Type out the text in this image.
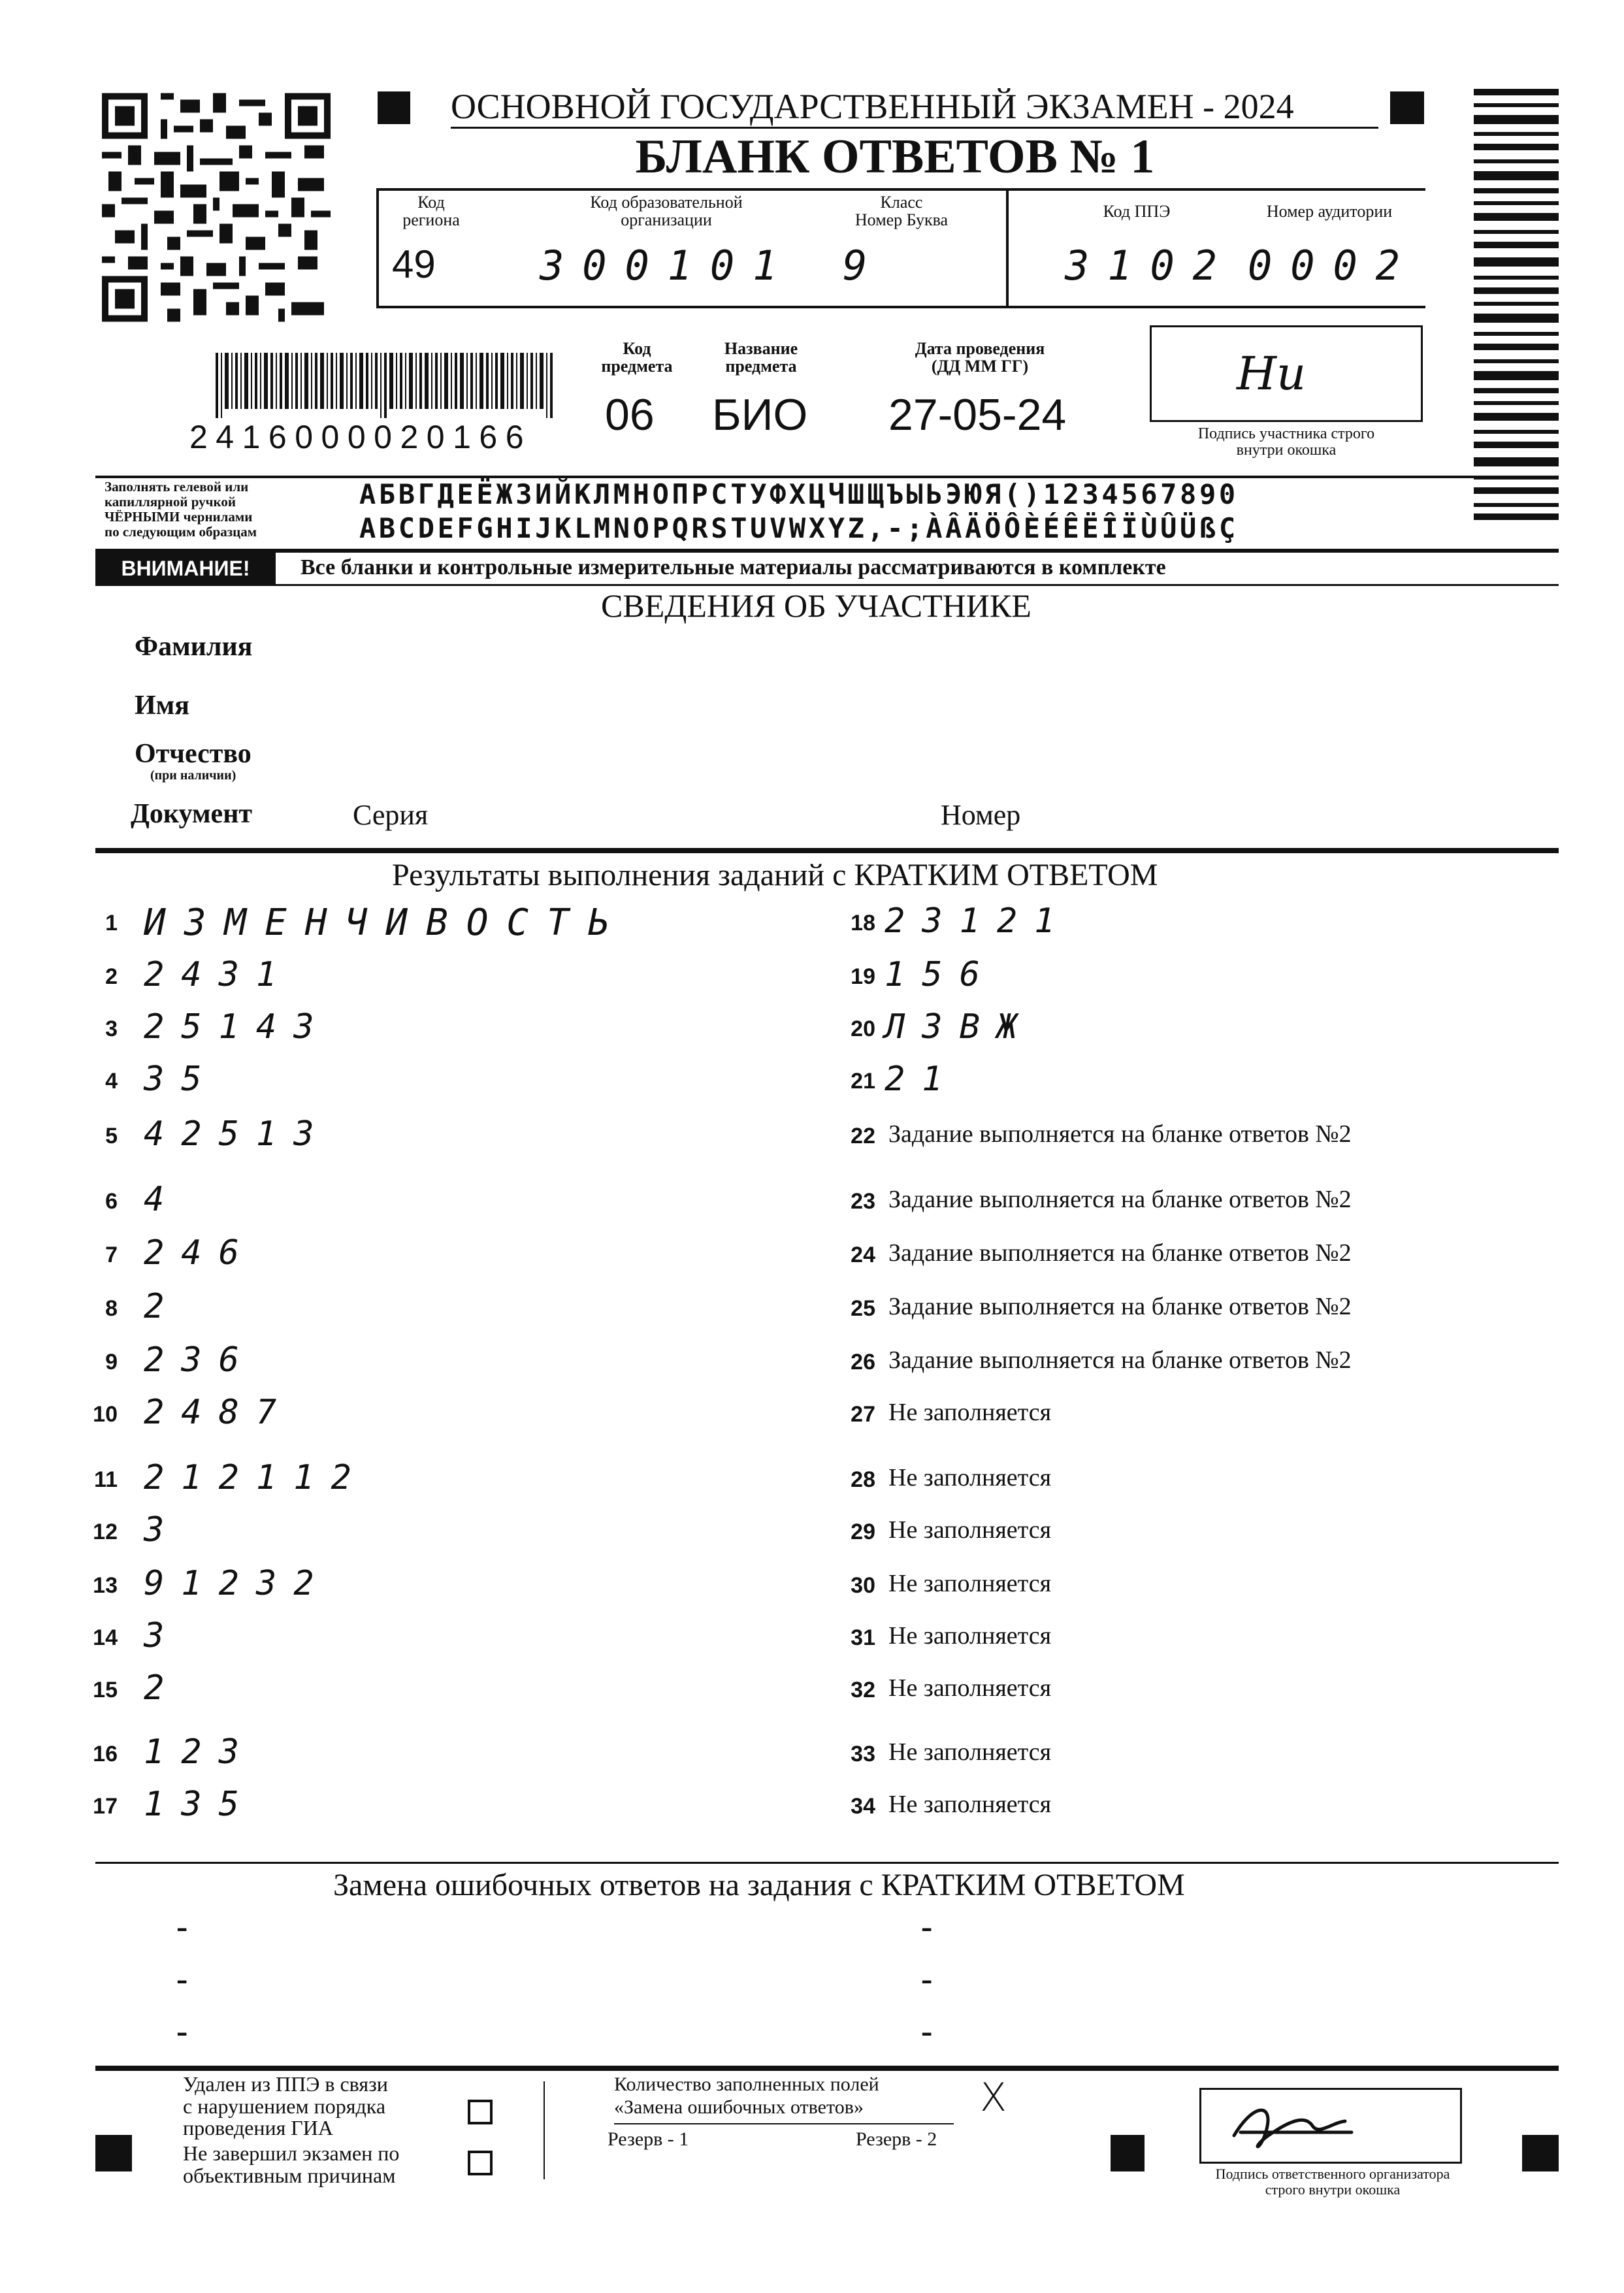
ОСНОВНОЙ ГОСУДАРСТВЕННЫЙ ЭКЗАМЕН - 2024
БЛАНК ОТВЕТОВ № 1
Код
региона
49
Код образовательной
организации
300101
Класс
Номер Буква
9
Код ППЭ
3102
Номер аудитории
0002
2416000020166
Код
предмета
06
Название
предмета
БИО
Дата проведения
(ДД ММ ГГ)
27-05-24
Hu
Подпись участника строго
внутри окошка
Заполнять гелевой или
капиллярной ручкой
ЧЁРНЫМИ чернилами
по следующим образцам
АБВГДЕЁЖЗИЙКЛМНОПРСТУФХЦЧШЩЪЫЬЭЮЯ()1234567890
ABCDEFGHIJKLMNOPQRSTUVWXYZ,-;ÀÂÄÖÔÈÉÊËÎÏÙÛÜßÇ
ВНИМАНИЕ!	Все бланки и контрольные измерительные материалы рассматриваются в комплекте
СВЕДЕНИЯ ОБ УЧАСТНИКЕ
Фамилия
Имя
Отчество
(при наличии)
Документ	Серия	Номер
Результаты выполнения заданий с КРАТКИМ ОТВЕТОМ
1 ИЗМЕНЧИВОСТЬ
2 2431
3 25143
4 35
5 42513
6 4
7 246
8 2
9 236
10 2487
11 212112
12 3
13 91232
14 3
15 2
16 123
17 135
18 23121
19 156
20 Л3ВЖ
21 21
22 Задание выполняется на бланке ответов №2
23 Задание выполняется на бланке ответов №2
24 Задание выполняется на бланке ответов №2
25 Задание выполняется на бланке ответов №2
26 Задание выполняется на бланке ответов №2
27 Не заполняется
28 Не заполняется
29 Не заполняется
30 Не заполняется
31 Не заполняется
32 Не заполняется
33 Не заполняется
34 Не заполняется
Замена ошибочных ответов на задания с КРАТКИМ ОТВЕТОМ
-
-
-
-
-
-
Удален из ППЭ в связи
с нарушением порядка
проведения ГИА
Не завершил экзамен по
объективным причинам
Количество заполненных полей
«Замена ошибочных ответов»	X
Резерв - 1	Резерв - 2
Подпись ответственного организатора
строго внутри окошка
